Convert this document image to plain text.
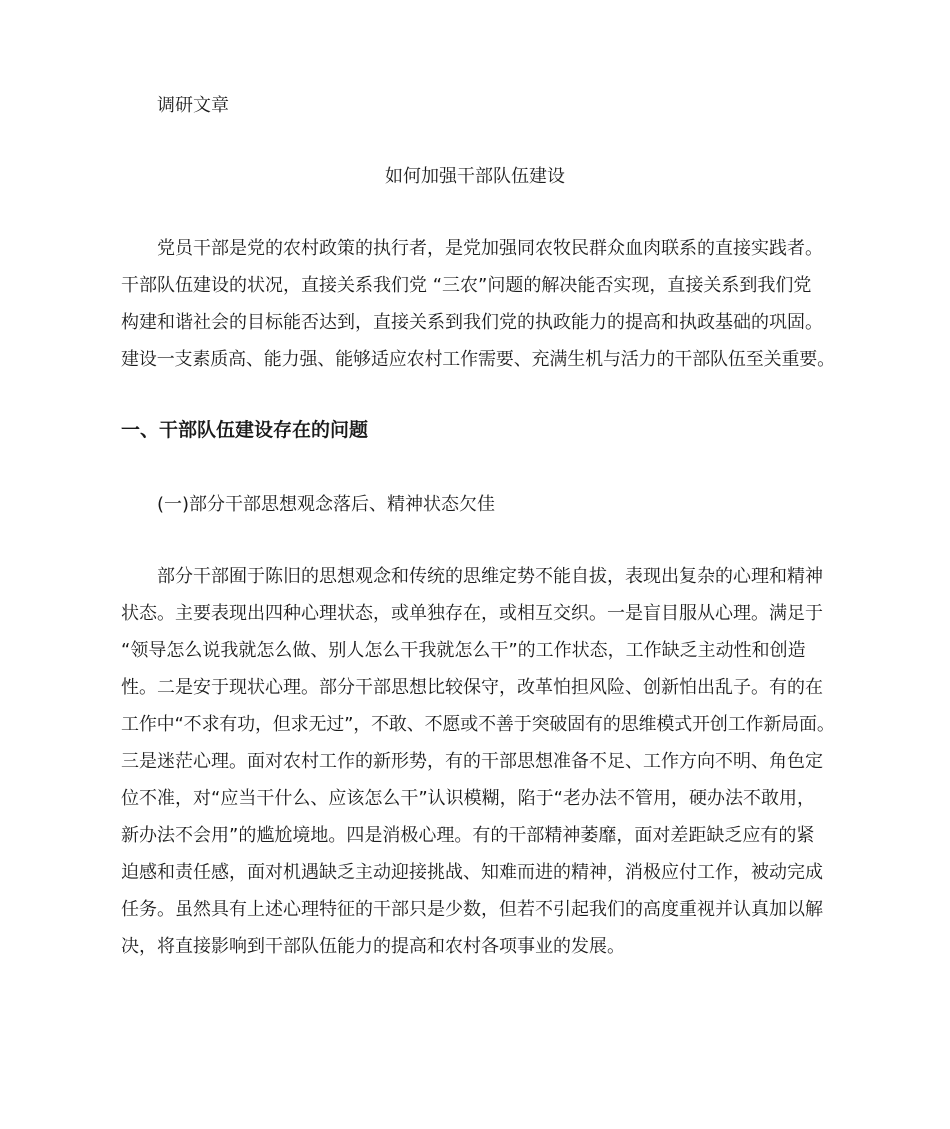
调研文章
如何加强干部队伍建设
党员干部是党的农村政策的执行者，是党加强同农牧民群众血肉联系的直接实践者。
干部队伍建设的状况，直接关系我们党 “三农”问题的解决能否实现，直接关系到我们党
构建和谐社会的目标能否达到，直接关系到我们党的执政能力的提高和执政基础的巩固。
建设一支素质高、能力强、能够适应农村工作需要、充满生机与活力的干部队伍至关重要。
一、干部队伍建设存在的问题
(一)部分干部思想观念落后、精神状态欠佳
部分干部囿于陈旧的思想观念和传统的思维定势不能自拔，表现出复杂的心理和精神
状态。主要表现出四种心理状态，或单独存在，或相互交织。一是盲目服从心理。满足于
“领导怎么说我就怎么做、别人怎么干我就怎么干”的工作状态，工作缺乏主动性和创造
性。二是安于现状心理。部分干部思想比较保守，改革怕担风险、创新怕出乱子。有的在
工作中“不求有功，但求无过”，不敢、不愿或不善于突破固有的思维模式开创工作新局面。
三是迷茫心理。面对农村工作的新形势，有的干部思想准备不足、工作方向不明、角色定
位不准，对“应当干什么、应该怎么干”认识模糊，陷于“老办法不管用，硬办法不敢用，
新办法不会用”的尴尬境地。四是消极心理。有的干部精神萎靡，面对差距缺乏应有的紧
迫感和责任感，面对机遇缺乏主动迎接挑战、知难而进的精神，消极应付工作，被动完成
任务。虽然具有上述心理特征的干部只是少数，但若不引起我们的高度重视并认真加以解
决，将直接影响到干部队伍能力的提高和农村各项事业的发展。
